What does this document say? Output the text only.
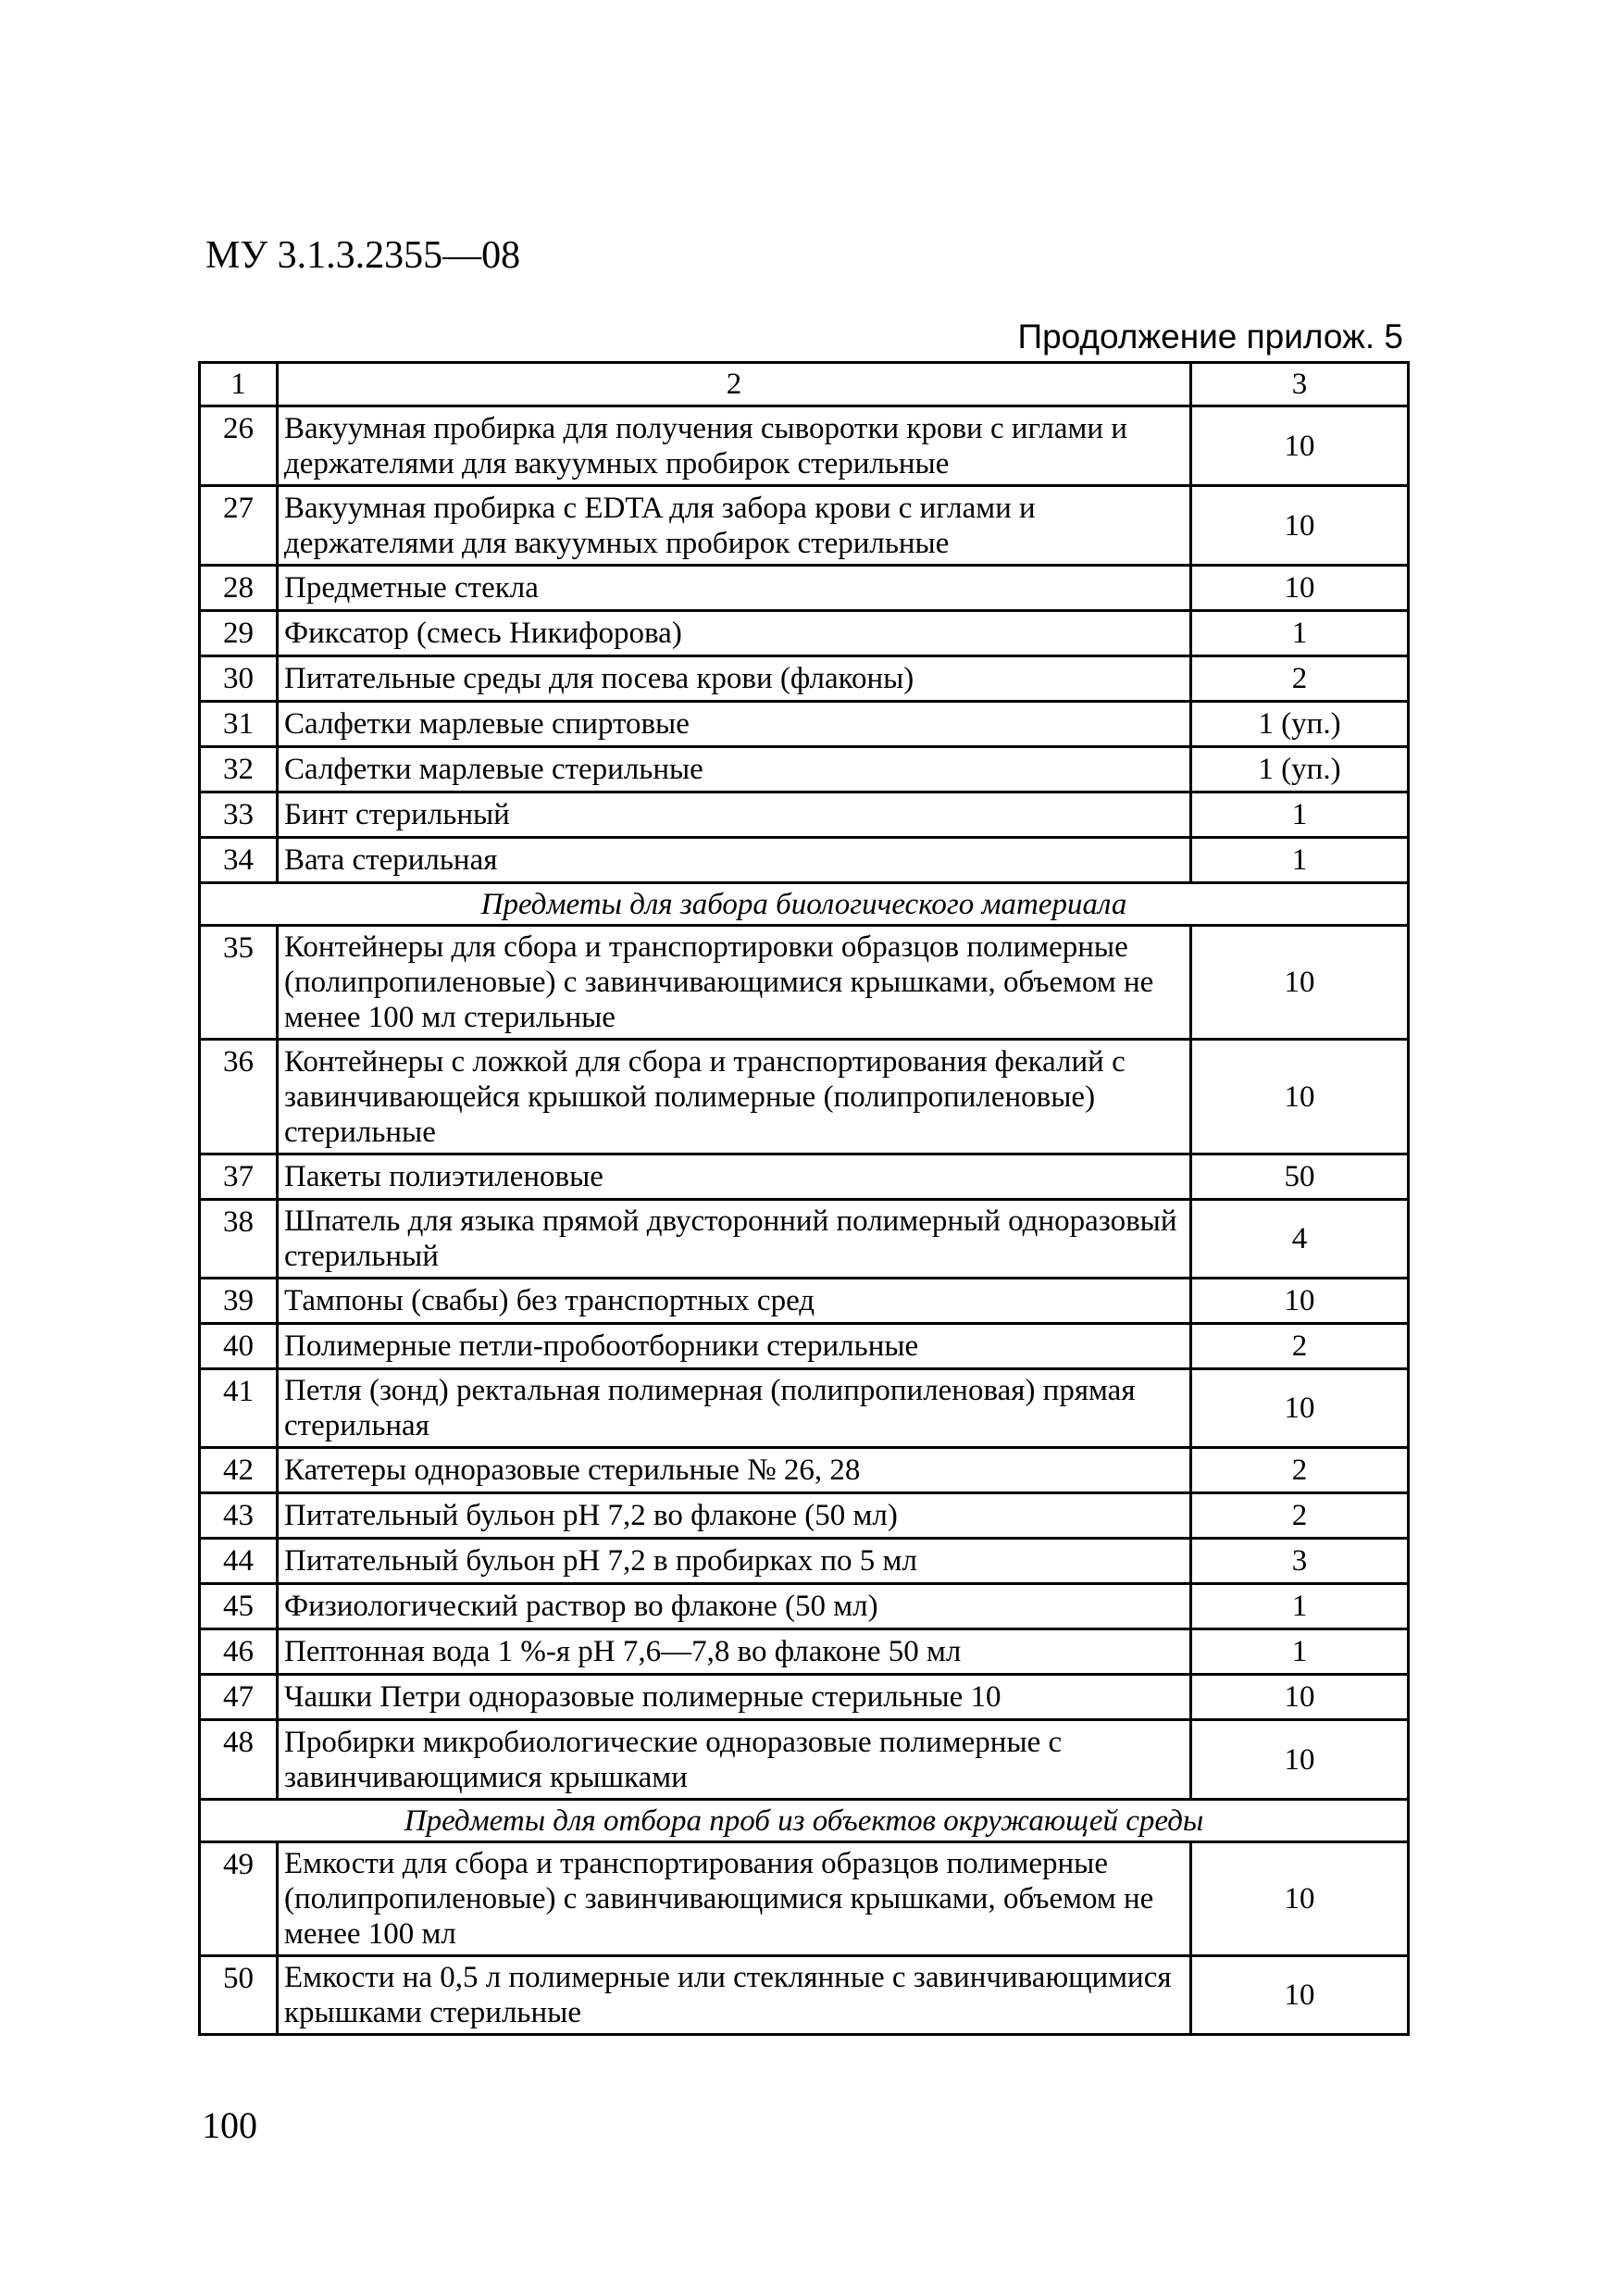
МУ 3.1.3.2355—08
Продолжение прилож. 5
1	2	3
26	Вакуумная пробирка для получения сыворотки крови с иглами и держателями для вакуумных пробирок стерильные	10
27	Вакуумная пробирка с EDTA для забора крови с иглами и держателями для вакуумных пробирок стерильные	10
28	Предметные стекла	10
29	Фиксатор (смесь Никифорова)	1
30	Питательные среды для посева крови (флаконы)	2
31	Салфетки марлевые спиртовые	1 (уп.)
32	Салфетки марлевые стерильные	1 (уп.)
33	Бинт стерильный	1
34	Вата стерильная	1
Предметы для забора биологического материала		
35	Контейнеры для сбора и транспортировки образцов полимерные (полипропиленовые) с завинчивающимися крышками, объемом не менее 100 мл стерильные	10
36	Контейнеры с ложкой для сбора и транспортирования фекалий с завинчивающейся крышкой полимерные (полипропиленовые) стерильные	10
37	Пакеты полиэтиленовые	50
38	Шпатель для языка прямой двусторонний полимерный одноразовый стерильный	4
39	Тампоны (свабы) без транспортных сред	10
40	Полимерные петли-пробоотборники стерильные	2
41	Петля (зонд) ректальная полимерная (полипропиленовая) прямая стерильная	10
42	Катетеры одноразовые стерильные № 26, 28	2
43	Питательный бульон рН 7,2 во флаконе (50 мл)	2
44	Питательный бульон рН 7,2 в пробирках по 5 мл	3
45	Физиологический раствор во флаконе (50 мл)	1
46	Пептонная вода 1 %-я рН 7,6—7,8 во флаконе 50 мл	1
47	Чашки Петри одноразовые полимерные стерильные 10	10
48	Пробирки микробиологические одноразовые полимерные с завинчивающимися крышками	10
Предметы для отбора проб из объектов окружающей среды		
49	Емкости для сбора и транспортирования образцов полимерные (полипропиленовые) с завинчивающимися крышками, объемом не менее 100 мл	10
50	Емкости на 0,5 л полимерные или стеклянные с завинчивающимися крышками стерильные	10
100
